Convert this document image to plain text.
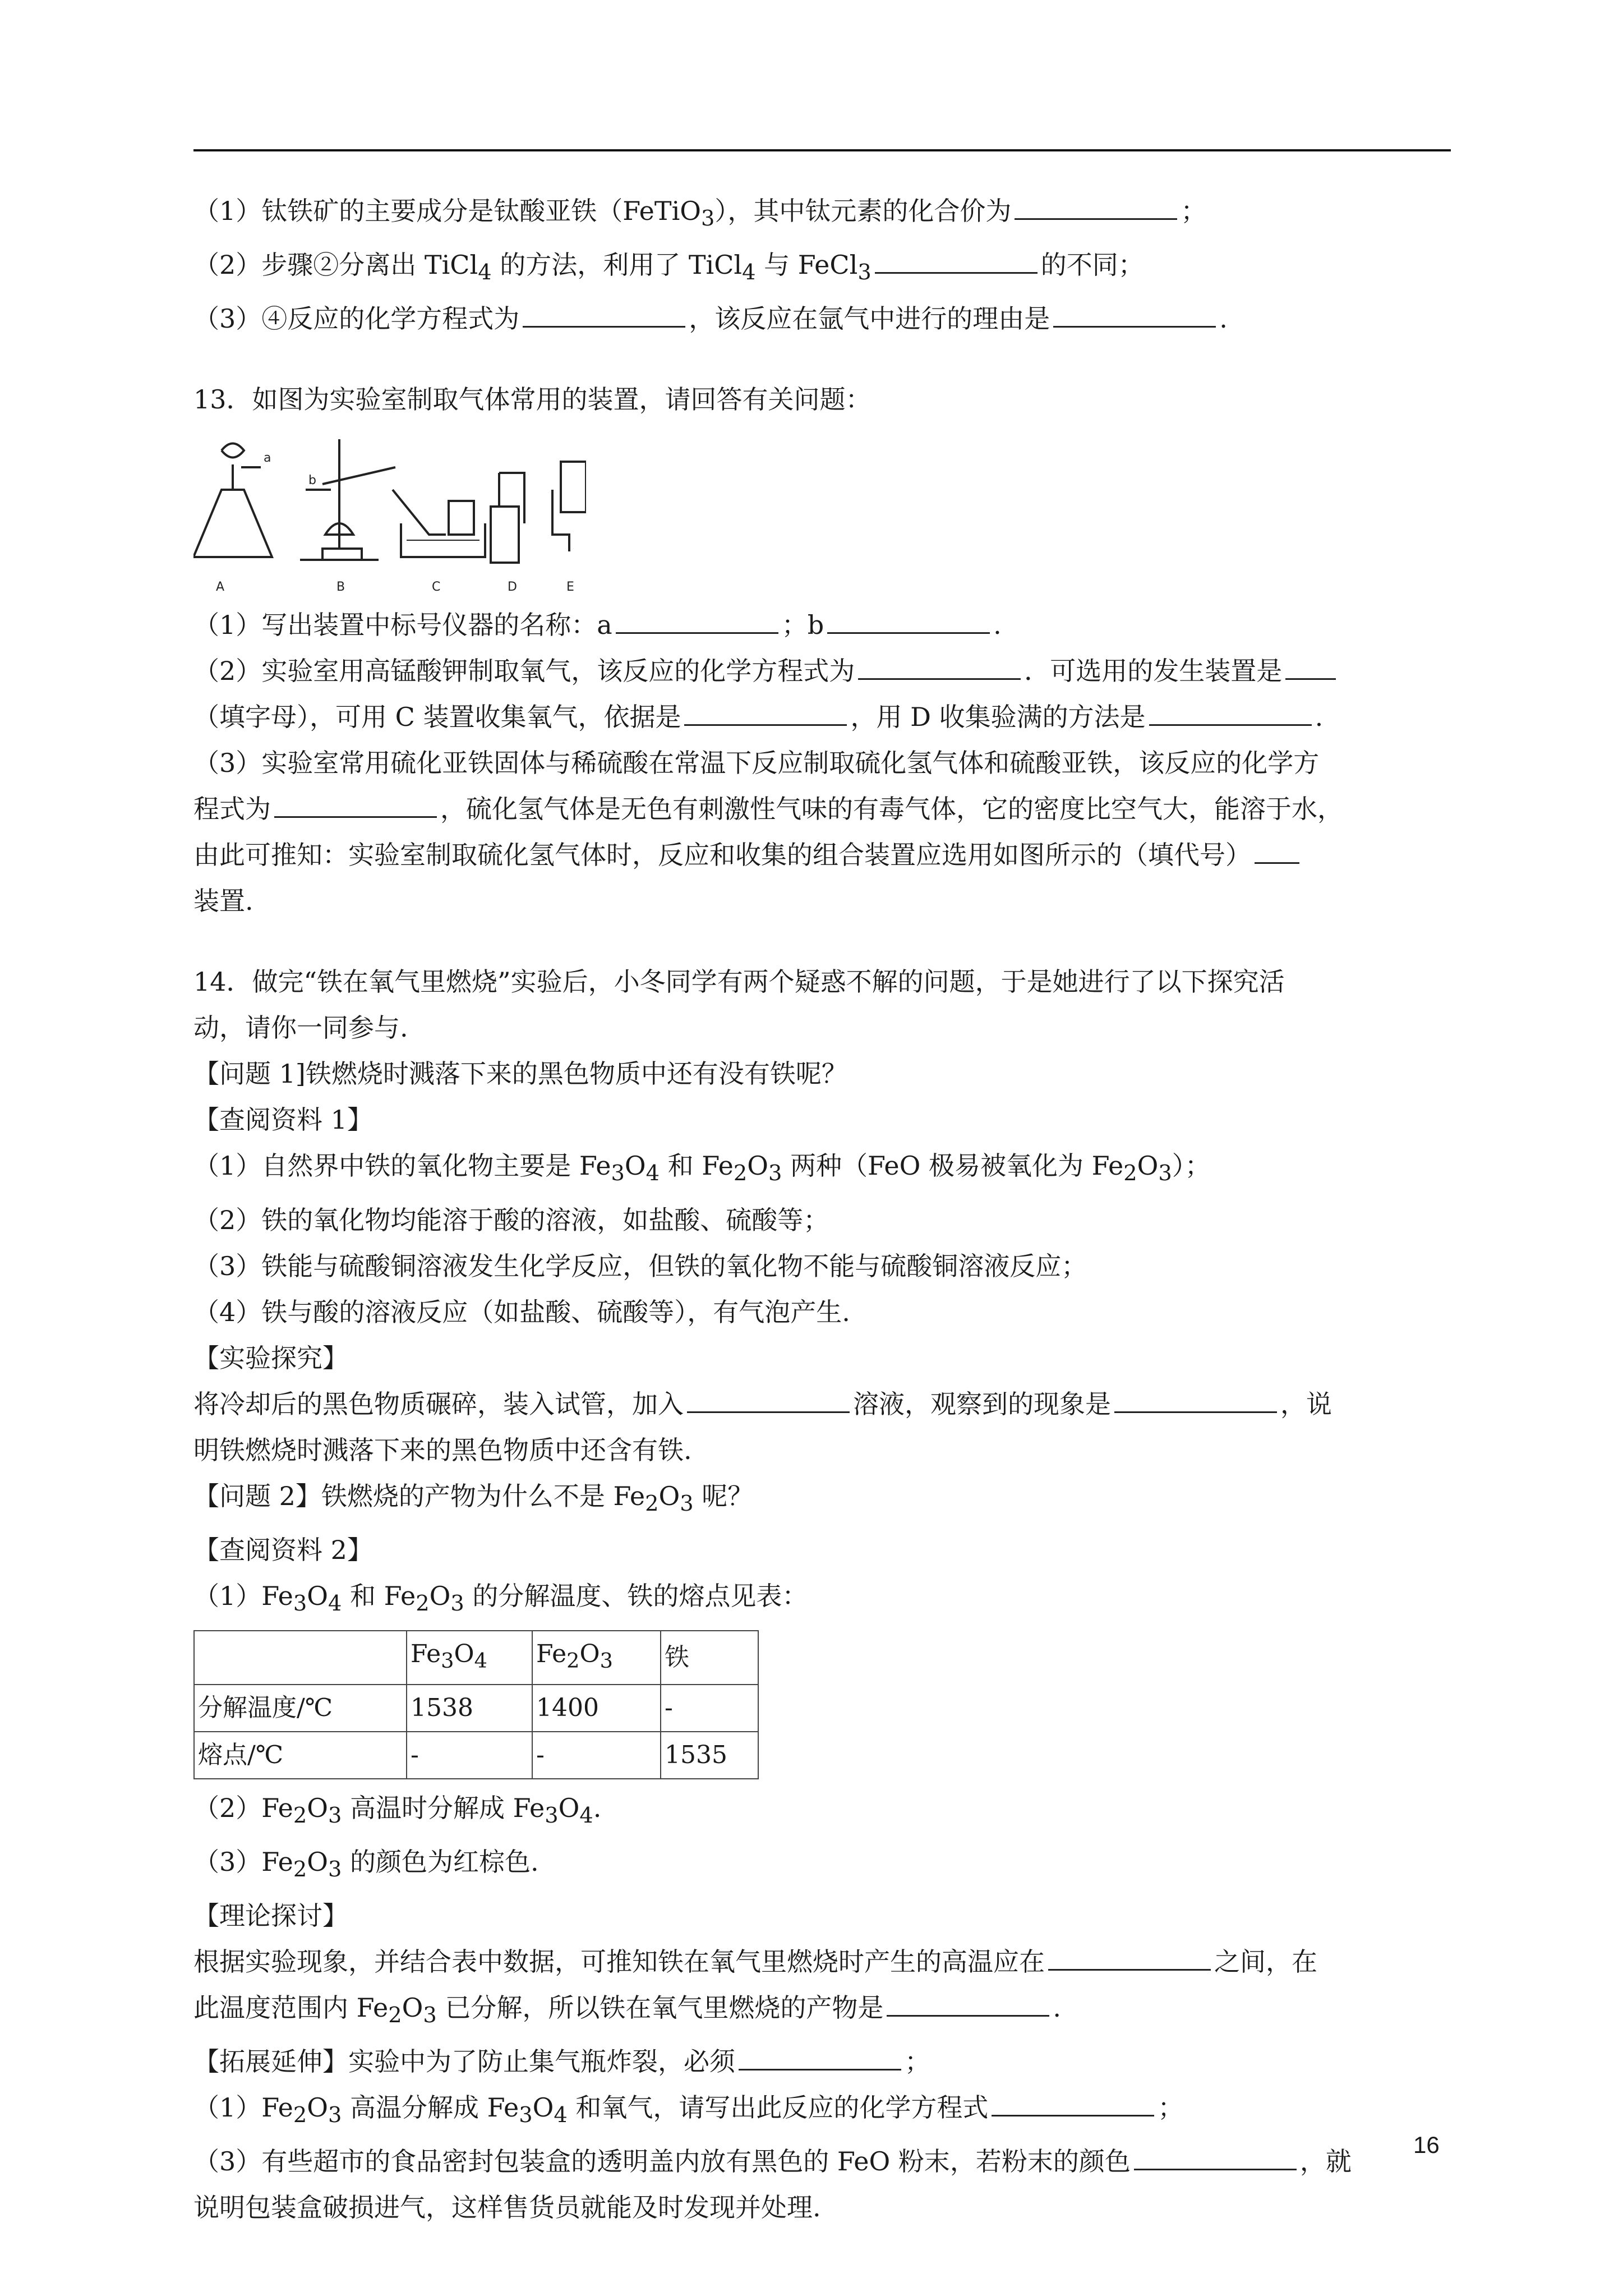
（1）钛铁矿的主要成分是钛酸亚铁（FeTiO$_3$），其中钛元素的化合价为	；
（2）步骤②分离出 TiCl$_4$ 的方法，利用了 TiCl$_4$ 与 FeCl$_3$	的不同；
（3）④反应的化学方程式为	，该反应在氩气中进行的理由是	.
13．如图为实验室制取气体常用的装置，请回答有关问题：
A	B	C	D	E
a
b
（1）写出装置中标号仪器的名称：a	；b	.
（2）实验室用高锰酸钾制取氧气，该反应的化学方程式为	．可选用的发生装置是
（填字母），可用 C 装置收集氧气，依据是	，用 D 收集验满的方法是	.
（3）实验室常用硫化亚铁固体与稀硫酸在常温下反应制取硫化氢气体和硫酸亚铁，该反应的化学方
程式为	，硫化氢气体是无色有刺激性气味的有毒气体，它的密度比空气大，能溶于水，
由此可推知：实验室制取硫化氢气体时，反应和收集的组合装置应选用如图所示的（填代号）
装置.
14．做完“铁在氧气里燃烧”实验后，小冬同学有两个疑惑不解的问题，于是她进行了以下探究活
动，请你一同参与.
【问题 1]铁燃烧时溅落下来的黑色物质中还有没有铁呢？
【查阅资料 1】
（1）自然界中铁的氧化物主要是 $Fe_3O_4$ 和 $Fe_2O_3$ 两种（FeO 极易被氧化为 $Fe_2O_3$）；
（2）铁的氧化物均能溶于酸的溶液，如盐酸、硫酸等；
（3）铁能与硫酸铜溶液发生化学反应，但铁的氧化物不能与硫酸铜溶液反应；
（4）铁与酸的溶液反应（如盐酸、硫酸等），有气泡产生.
【实验探究】
将冷却后的黑色物质碾碎，装入试管，加入	溶液，观察到的现象是	，说
明铁燃烧时溅落下来的黑色物质中还含有铁.
【问题 2】铁燃烧的产物为什么不是 $Fe_2O_3$ 呢？
【查阅资料 2】
$(1)Fe_3O_4$ 和 $Fe_2O_3$ 的分解温度、铁的熔点见表：
	$Fe_3O_4$	$Fe_2O_3$	铁
分解温度/℃	1538	1400	-
熔点/℃	-	-	1535
$(2)Fe_2O_3$ 高温时分解成 $Fe_3O_4$.
$(3)Fe_2O_3$ 的颜色为红棕色.
【理论探讨】
根据实验现象，并结合表中数据，可推知铁在氧气里燃烧时产生的高温应在	之间，在
此温度范围内 $Fe_2O_3$ 已分解，所以铁在氧气里燃烧的产物是	.
【拓展延伸】实验中为了防止集气瓶炸裂，必须	；
$(1)Fe_2O_3$ 高温分解成 $Fe_3O_4$ 和氧气，请写出此反应的化学方程式	；
（3）有些超市的食品密封包装盒的透明盖内放有黑色的 FeO 粉末，若粉末的颜色	，就
说明包装盒破损进气，这样售货员就能及时发现并处理.
16
